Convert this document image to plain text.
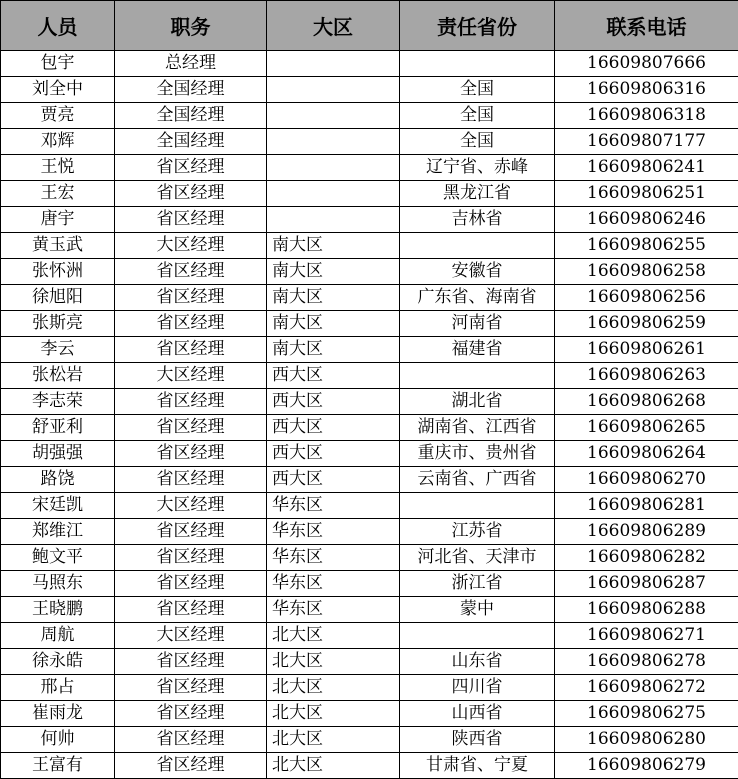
人员	职务	大区	责任省份	联系电话
包宇	总经理			16609807666
刘全中	全国经理		全国	16609806316
贾亮	全国经理		全国	16609806318
邓辉	全国经理		全国	16609807177
王悦	省区经理		辽宁省、赤峰	16609806241
王宏	省区经理		黑龙江省	16609806251
唐宇	省区经理		吉林省	16609806246
黄玉武	大区经理	南大区		16609806255
张怀洲	省区经理	南大区	安徽省	16609806258
徐旭阳	省区经理	南大区	广东省、海南省	16609806256
张斯亮	省区经理	南大区	河南省	16609806259
李云	省区经理	南大区	福建省	16609806261
张松岩	大区经理	西大区		16609806263
李志荣	省区经理	西大区	湖北省	16609806268
舒亚利	省区经理	西大区	湖南省、江西省	16609806265
胡强强	省区经理	西大区	重庆市、贵州省	16609806264
路饶	省区经理	西大区	云南省、广西省	16609806270
宋廷凯	大区经理	华东区		16609806281
郑维江	省区经理	华东区	江苏省	16609806289
鲍文平	省区经理	华东区	河北省、天津市	16609806282
马照东	省区经理	华东区	浙江省	16609806287
王晓鹏	省区经理	华东区	蒙中	16609806288
周航	大区经理	北大区		16609806271
徐永皓	省区经理	北大区	山东省	16609806278
邢占	省区经理	北大区	四川省	16609806272
崔雨龙	省区经理	北大区	山西省	16609806275
何帅	省区经理	北大区	陕西省	16609806280
王富有	省区经理	北大区	甘肃省、宁夏	16609806279
